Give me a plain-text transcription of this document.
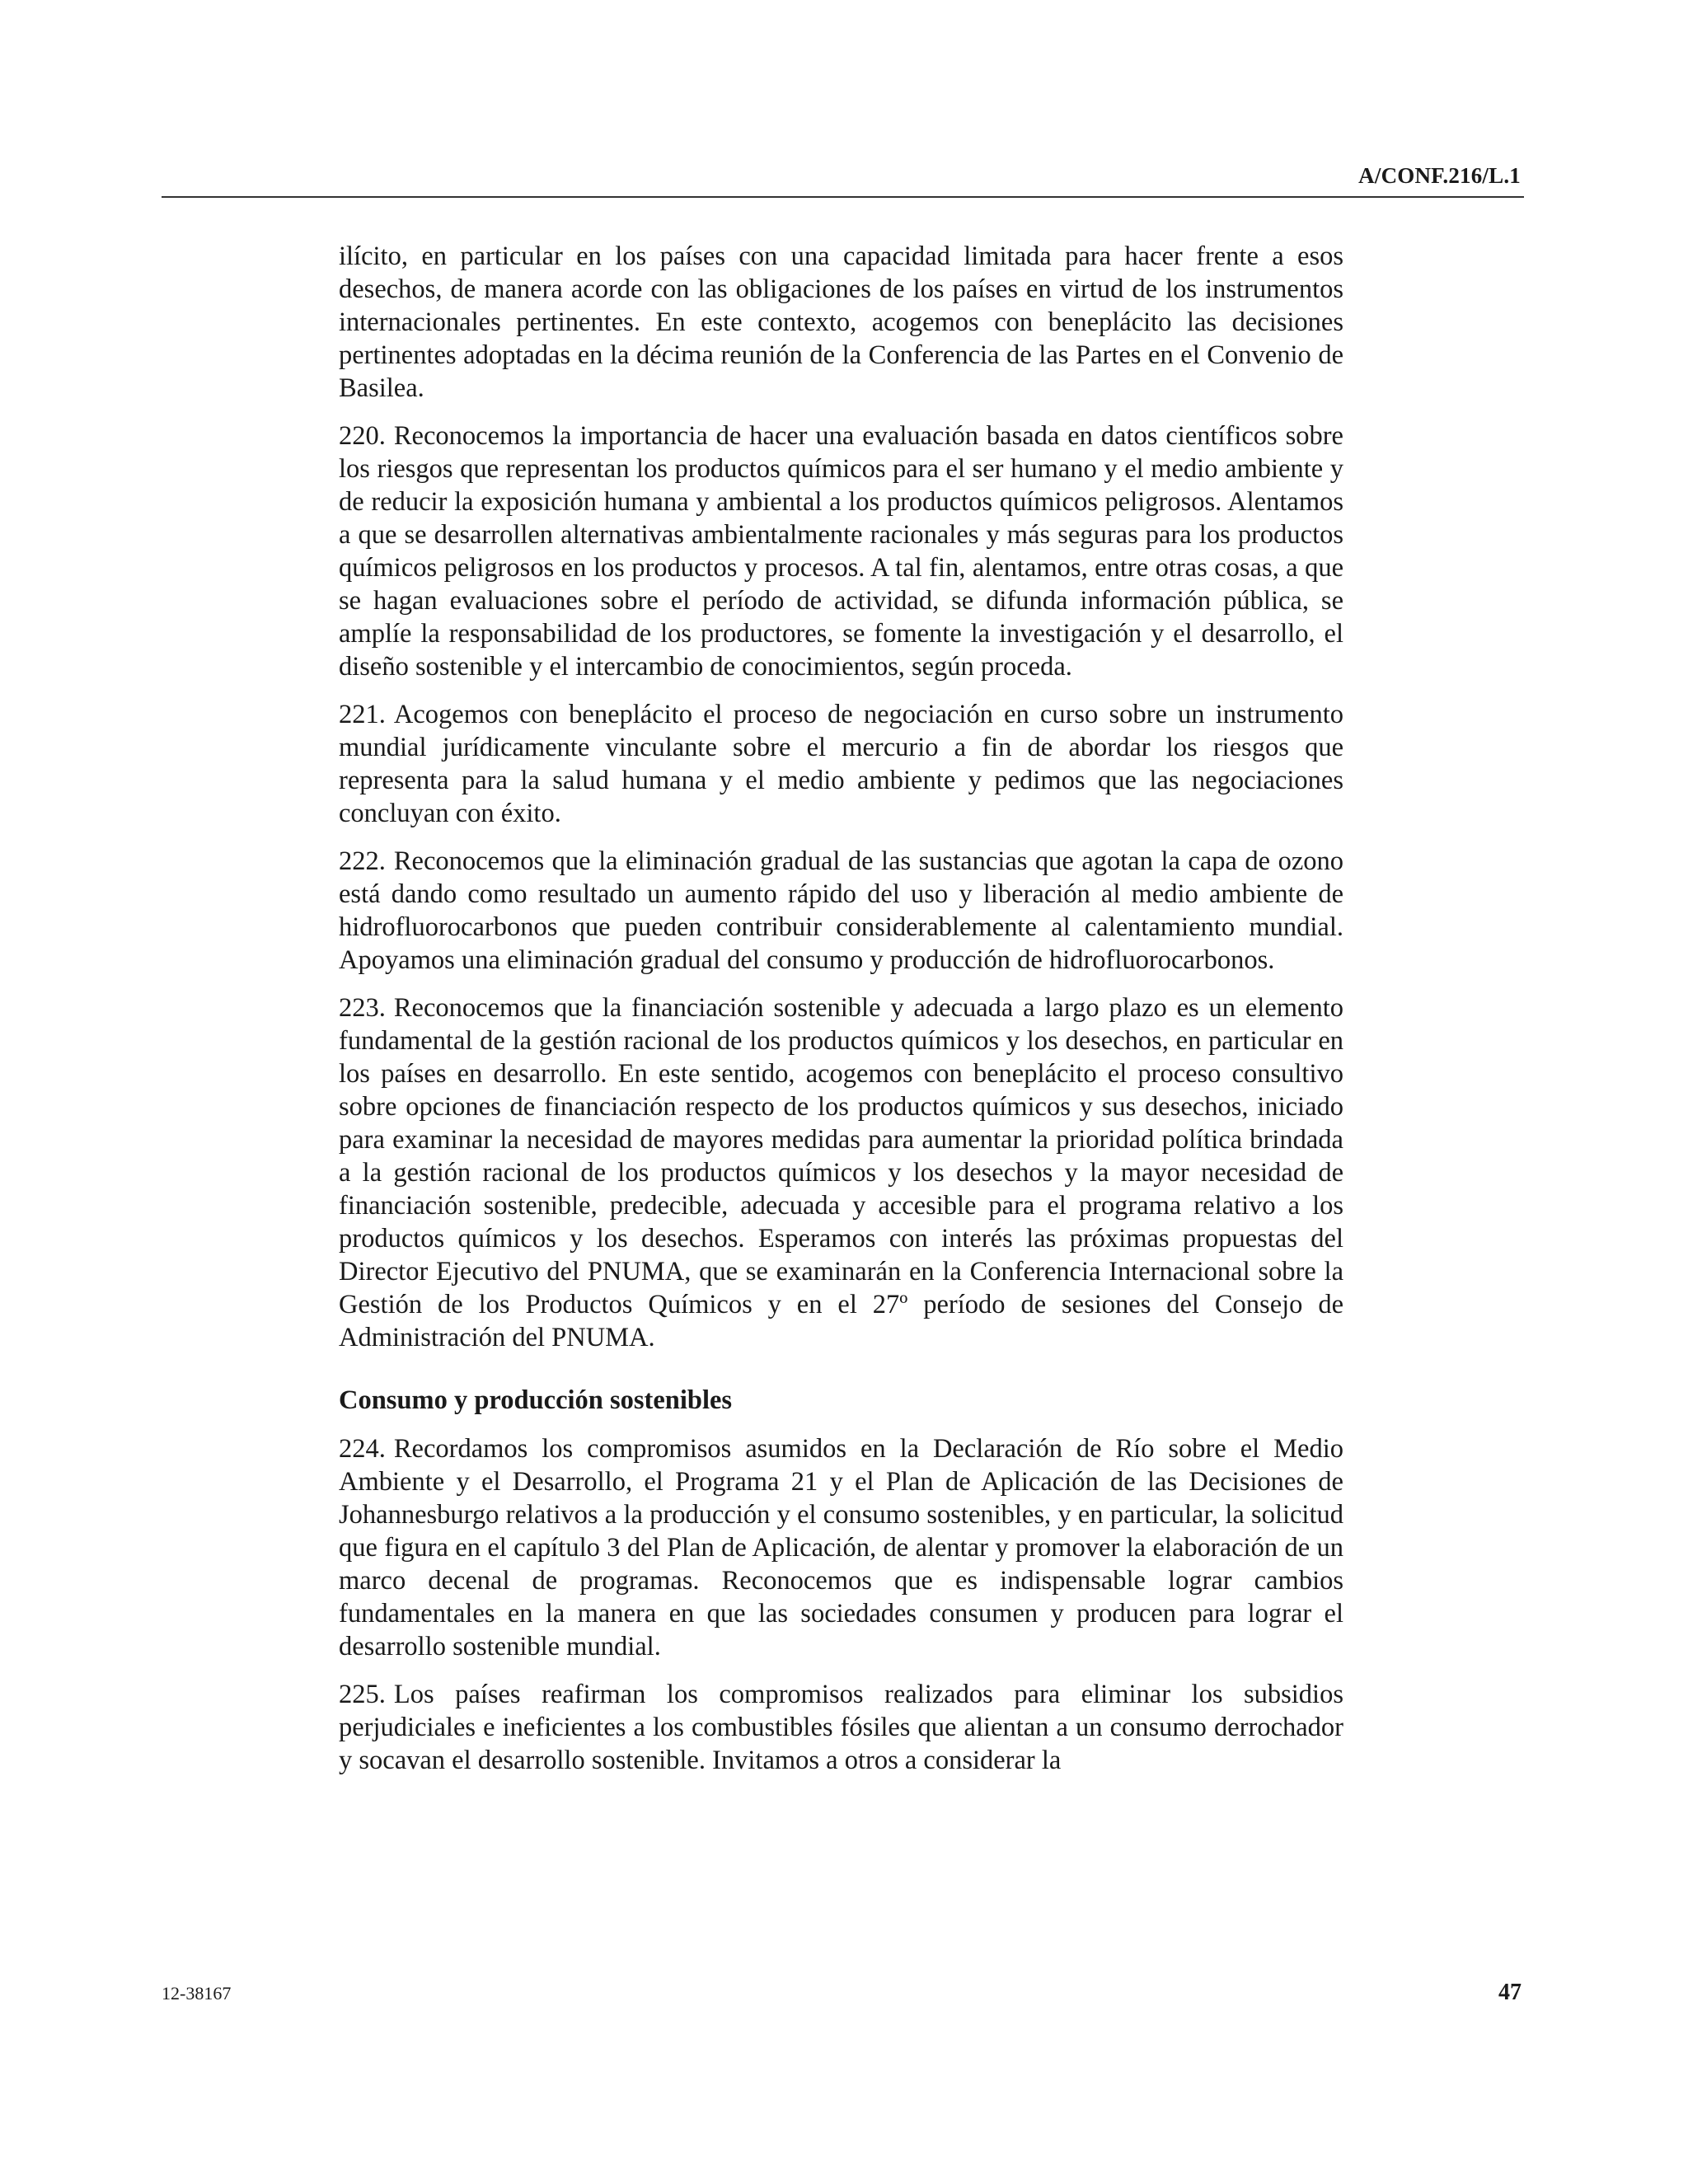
A/CONF.216/L.1

ilícito, en particular en los países con una capacidad limitada para hacer frente a esos desechos, de manera acorde con las obligaciones de los países en virtud de los instrumentos internacionales pertinentes. En este contexto, acogemos con beneplácito las decisiones pertinentes adoptadas en la décima reunión de la Conferencia de las Partes en el Convenio de Basilea.

220. Reconocemos la importancia de hacer una evaluación basada en datos científicos sobre los riesgos que representan los productos químicos para el ser humano y el medio ambiente y de reducir la exposición humana y ambiental a los productos químicos peligrosos. Alentamos a que se desarrollen alternativas ambientalmente racionales y más seguras para los productos químicos peligrosos en los productos y procesos. A tal fin, alentamos, entre otras cosas, a que se hagan evaluaciones sobre el período de actividad, se difunda información pública, se amplíe la responsabilidad de los productores, se fomente la investigación y el desarrollo, el diseño sostenible y el intercambio de conocimientos, según proceda.

221. Acogemos con beneplácito el proceso de negociación en curso sobre un instrumento mundial jurídicamente vinculante sobre el mercurio a fin de abordar los riesgos que representa para la salud humana y el medio ambiente y pedimos que las negociaciones concluyan con éxito.

222. Reconocemos que la eliminación gradual de las sustancias que agotan la capa de ozono está dando como resultado un aumento rápido del uso y liberación al medio ambiente de hidrofluorocarbonos que pueden contribuir considerablemente al calentamiento mundial. Apoyamos una eliminación gradual del consumo y producción de hidrofluorocarbonos.

223. Reconocemos que la financiación sostenible y adecuada a largo plazo es un elemento fundamental de la gestión racional de los productos químicos y los desechos, en particular en los países en desarrollo. En este sentido, acogemos con beneplácito el proceso consultivo sobre opciones de financiación respecto de los productos químicos y sus desechos, iniciado para examinar la necesidad de mayores medidas para aumentar la prioridad política brindada a la gestión racional de los productos químicos y los desechos y la mayor necesidad de financiación sostenible, predecible, adecuada y accesible para el programa relativo a los productos químicos y los desechos. Esperamos con interés las próximas propuestas del Director Ejecutivo del PNUMA, que se examinarán en la Conferencia Internacional sobre la Gestión de los Productos Químicos y en el 27º período de sesiones del Consejo de Administración del PNUMA.

Consumo y producción sostenibles

224. Recordamos los compromisos asumidos en la Declaración de Río sobre el Medio Ambiente y el Desarrollo, el Programa 21 y el Plan de Aplicación de las Decisiones de Johannesburgo relativos a la producción y el consumo sostenibles, y en particular, la solicitud que figura en el capítulo 3 del Plan de Aplicación, de alentar y promover la elaboración de un marco decenal de programas. Reconocemos que es indispensable lograr cambios fundamentales en la manera en que las sociedades consumen y producen para lograr el desarrollo sostenible mundial.

225. Los países reafirman los compromisos realizados para eliminar los subsidios perjudiciales e ineficientes a los combustibles fósiles que alientan a un consumo derrochador y socavan el desarrollo sostenible. Invitamos a otros a considerar la

12-38167	47
